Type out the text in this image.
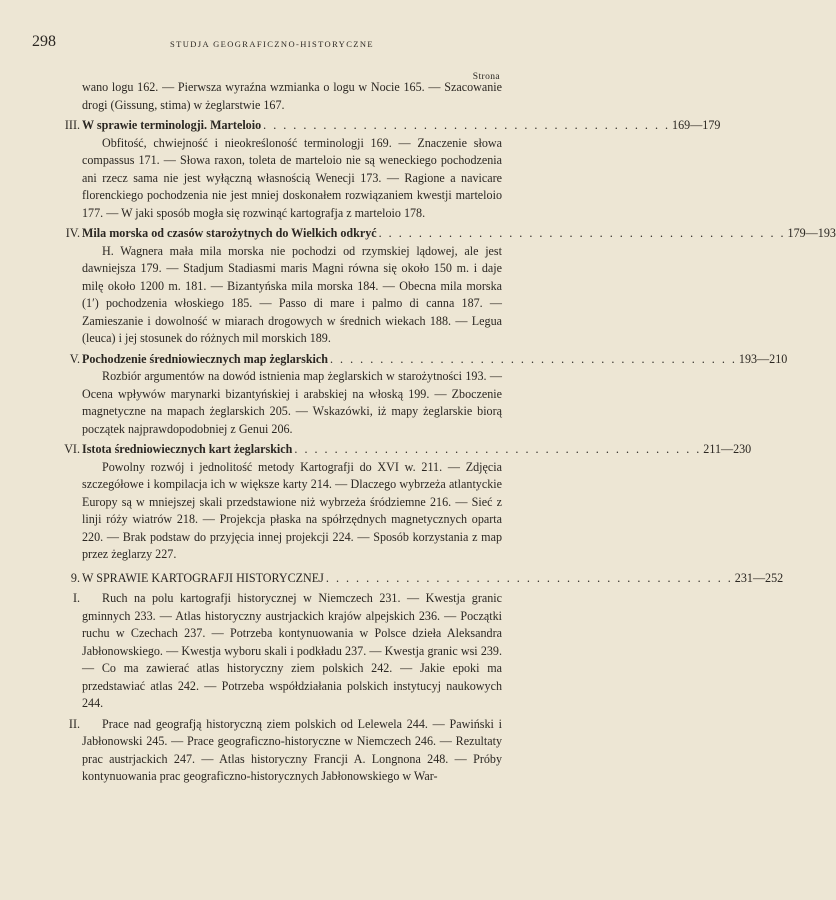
298	STUDJA GEOGRAFICZNO-HISTORYCZNE
Strona
wano logu 162. — Pierwsza wyraźna wzmianka o logu w Nocie 165. — Szacowanie drogi (Gissung, stima) w żeglarstwie 167.
III. W sprawie terminologji. Marteloio . . . . . . . . . . . . . . . . . . . . . . . . . . . . . . . . . . . . . . . . . 169—179
Obfitość, chwiejność i nieokreśloność terminologji 169. — Znaczenie słowa compassus 171. — Słowa raxon, toleta de marteloio nie są weneckiego pochodzenia ani rzecz sama nie jest wyłączną własnością Wenecji 173. — Ragione a navicare florenckiego pochodzenia nie jest mniej doskonałem rozwiązaniem kwestji marteloio 177. — W jaki sposób mogła się rozwinąć kartografja z marteloio 178.
IV. Mila morska od czasów starożytnych do Wielkich odkryć . . . . . . . . . . . . . . . . . . . . . . . . . . . . . . . . . . . . . . . . . 179—193
H. Wagnera mała mila morska nie pochodzi od rzymskiej lądowej, ale jest dawniejsza 179. — Stadjum Stadiasmi maris Magni równa się około 150 m. i daje milę około 1200 m. 181. — Bizantyńska mila morska 184. — Obecna mila morska (1′) pochodzenia włoskiego 185. — Passo di mare i palmo di canna 187. — Zamieszanie i dowolność w miarach drogowych w średnich wiekach 188. — Legua (leuca) i jej stosunek do różnych mil morskich 189.
V. Pochodzenie średniowiecznych map żeglarskich . . . . . . . . . . . . . . . . . . . . . . . . . . . . . . . . . . . . . . . . . 193—210
Rozbiór argumentów na dowód istnienia map żeglarskich w starożytności 193. — Ocena wpływów marynarki bizantyńskiej i arabskiej na włoską 199. — Zboczenie magnetyczne na mapach żeglarskich 205. — Wskazówki, iż mapy żeglarskie biorą początek najprawdopodobniej z Genui 206.
VI. Istota średniowiecznych kart żeglarskich . . . . . . . . . . . . . . . . . . . . . . . . . . . . . . . . . . . . . . . . . 211—230
Powolny rozwój i jednolitość metody Kartografji do XVI w. 211. — Zdjęcia szczegółowe i kompilacja ich w większe karty 214. — Dlaczego wybrzeża atlantyckie Europy są w mniejszej skali przedstawione niż wybrzeża śródziemne 216. — Sieć z linji róży wiatrów 218. — Projekcja płaska na spółrzędnych magnetycznych oparta 220. — Brak podstaw do przyjęcia innej projekcji 224. — Sposób korzystania z map przez żeglarzy 227.
9. W SPRAWIE KARTOGRAFJI HISTORYCZNEJ . . . . . . . . . . . . . . . . . . . . . . . . . . . . . . . . . . . . . . . . . 231—252
I.	Ruch na polu kartografji historycznej w Niemczech 231. — Kwestja granic gminnych 233. — Atlas historyczny austrjackich krajów alpejskich 236. — Początki ruchu w Czechach 237. — Potrzeba kontynuowania w Polsce dzieła Aleksandra Jabłonowskiego. — Kwestja wyboru skali i podkładu 237. — Kwestja granic wsi 239. — Co ma zawierać atlas historyczny ziem polskich 242. — Jakie epoki ma przedstawiać atlas 242. — Potrzeba współdziałania polskich instytucyj naukowych 244.
II.	Prace nad geografją historyczną ziem polskich od Lelewela 244. — Pawiński i Jabłonowski 245. — Prace geograficzno-historyczne w Niemczech 246. — Rezultaty prac austrjackich 247. — Atlas historyczny Francji A. Longnona 248. — Próby kontynuowania prac geograficzno-historycznych Jabłonowskiego w War-
